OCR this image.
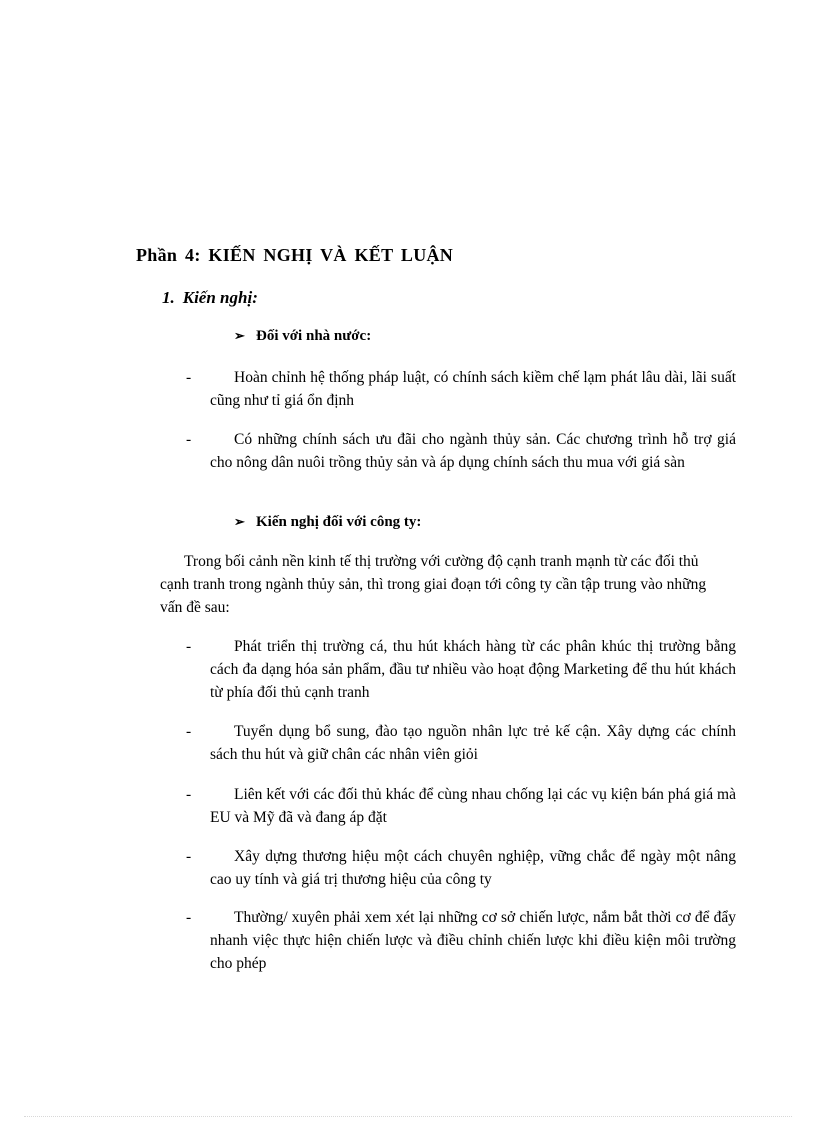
Phần 4: KIẾN NGHỊ VÀ KẾT LUẬN
1. Kiến nghị:
➢ Đối với nhà nước:
-	Hoàn chỉnh hệ thống pháp luật, có chính sách kiềm chế lạm phát lâu dài, lãi suất cũng như tỉ giá ổn định
-	Có những chính sách ưu đãi cho ngành thủy sản. Các chương trình hỗ trợ giá cho nông dân nuôi trồng thủy sản và áp dụng chính sách thu mua với giá sàn
➢ Kiến nghị đối với công ty:
Trong bối cảnh nền kinh tế thị trường với cường độ cạnh tranh mạnh từ các đối thủ cạnh tranh trong ngành thủy sản, thì trong giai đoạn tới công ty cần tập trung vào những vấn đề sau:
-	Phát triển thị trường cá, thu hút khách hàng từ các phân khúc thị trường bằng cách đa dạng hóa sản phẩm, đầu tư nhiều vào hoạt động Marketing để thu hút khách từ phía đối thủ cạnh tranh
-	Tuyển dụng bổ sung, đào tạo nguồn nhân lực trẻ kế cận. Xây dựng các chính sách thu hút và giữ chân các nhân viên giỏi
-	Liên kết với các đối thủ khác để cùng nhau chống lại các vụ kiện bán phá giá mà EU và Mỹ đã và đang áp đặt
-	Xây dựng thương hiệu một cách chuyên nghiệp, vững chắc để ngày một nâng cao uy tính và giá trị thương hiệu của công ty
-	Thường/ xuyên phải xem xét lại những cơ sở chiến lược, nắm bắt thời cơ để đẩy nhanh việc thực hiện chiến lược và điều chỉnh chiến lược khi điều kiện môi trường cho phép
